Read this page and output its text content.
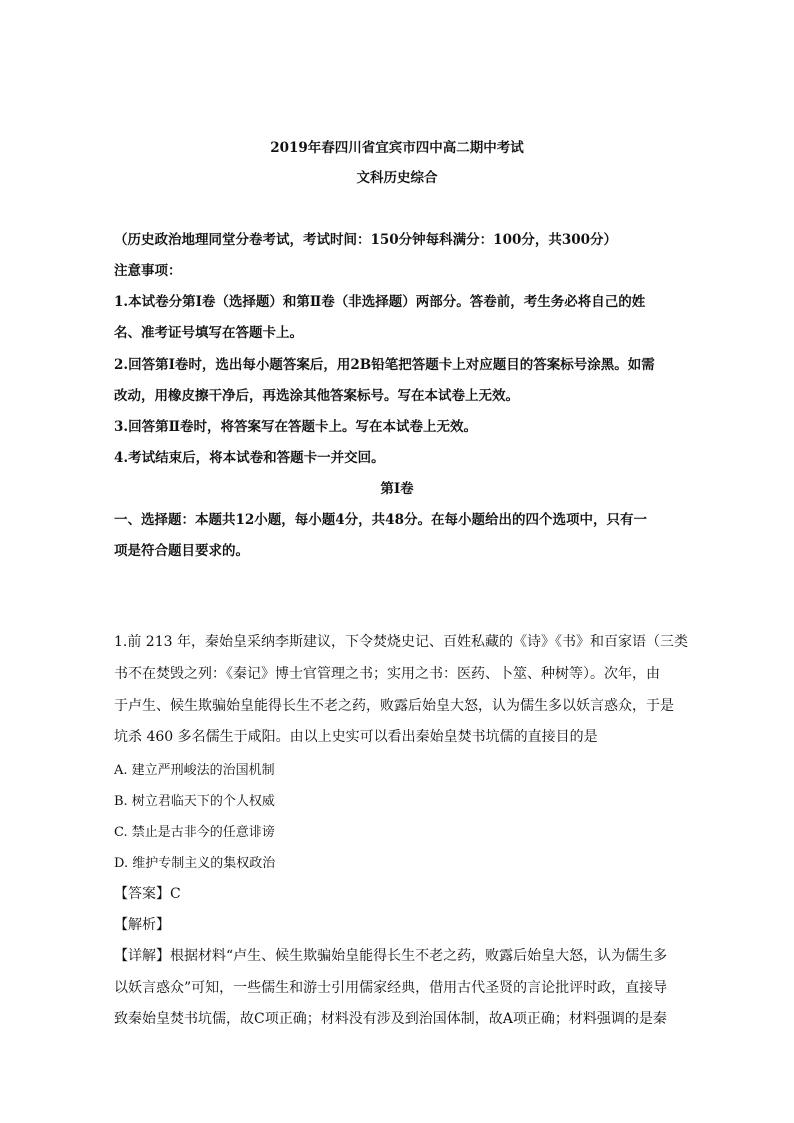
2019年春四川省宜宾市四中高二期中考试
文科历史综合
（历史政治地理同堂分卷考试，考试时间：150分钟每科满分：100分，共300分）
注意事项：
1.本试卷分第Ⅰ卷（选择题）和第Ⅱ卷（非选择题）两部分。答卷前，考生务必将自己的姓
名、准考证号填写在答题卡上。
2.回答第Ⅰ卷时，选出每小题答案后，用2B铅笔把答题卡上对应题目的答案标号涂黑。如需
改动，用橡皮擦干净后，再选涂其他答案标号。写在本试卷上无效。
3.回答第Ⅱ卷时，将答案写在答题卡上。写在本试卷上无效。
4.考试结束后，将本试卷和答题卡一并交回。
第Ⅰ卷
一、选择题：本题共12小题，每小题4分，共48分。在每小题给出的四个选项中，只有一
项是符合题目要求的。
1.前 213 年，秦始皇采纳李斯建议，下令焚烧史记、百姓私藏的《诗》《书》和百家语（三类
书不在焚毁之列：《秦记》博士官管理之书；实用之书：医药、卜筮、种树等）。次年，由
于卢生、候生欺骗始皇能得长生不老之药，败露后始皇大怒，认为儒生多以妖言惑众，于是
坑杀 460 多名儒生于咸阳。由以上史实可以看出秦始皇焚书坑儒的直接目的是
A. 建立严刑峻法的治国机制
B. 树立君临天下的个人权威
C. 禁止是古非今的任意诽谤
D. 维护专制主义的集权政治
【答案】C
【解析】
【详解】根据材料“卢生、候生欺骗始皇能得长生不老之药，败露后始皇大怒，认为儒生多
以妖言惑众”可知，一些儒生和游士引用儒家经典，借用古代圣贤的言论批评时政，直接导
致秦始皇焚书坑儒，故C项正确；材料没有涉及到治国体制，故A项正确；材料强调的是秦
